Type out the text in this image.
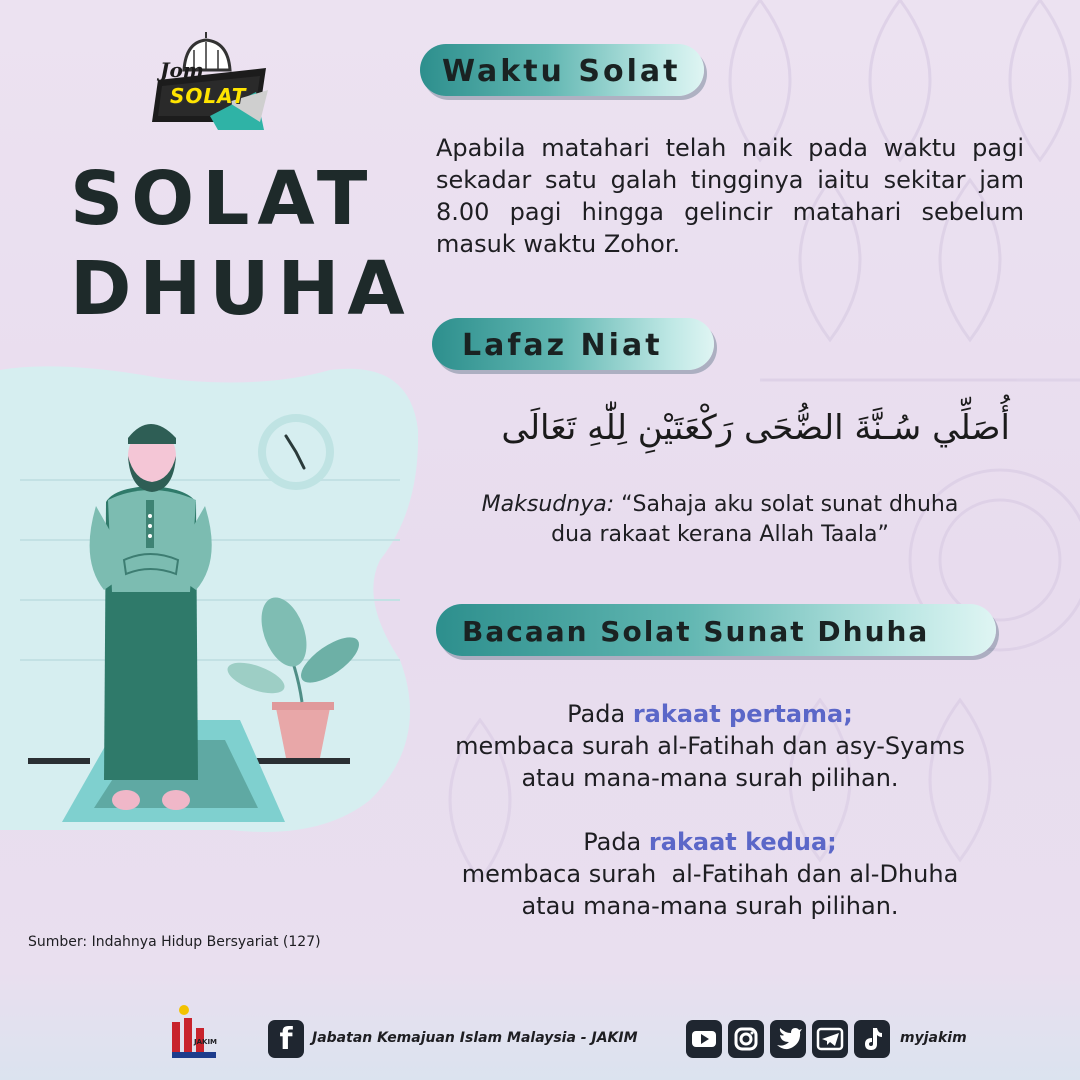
Jom
SOLAT
SOLAT
DHUHA
Waktu Solat
Apabila matahari telah naik pada waktu pagi sekadar satu galah tingginya iaitu sekitar jam 8.00 pagi hingga gelincir matahari sebelum masuk waktu Zohor.
Lafaz Niat
أُصَلِّي سُـنَّةَ الضُّحَى رَكْعَتَيْنِ لِلّٰهِ تَعَالَى
Maksudnya: “Sahaja aku solat sunat dhuha
dua rakaat kerana Allah Taala”
Bacaan Solat Sunat Dhuha
Pada rakaat pertama;
membaca surah al-Fatihah dan asy-Syams
atau mana-mana surah pilihan.
Pada rakaat kedua;
membaca surah  al-Fatihah dan al-Dhuha
atau mana-mana surah pilihan.
Sumber: Indahnya Hidup Bersyariat (127)
JAKIM	f	Jabatan Kemajuan Islam Malaysia - JAKIM	myjakim
